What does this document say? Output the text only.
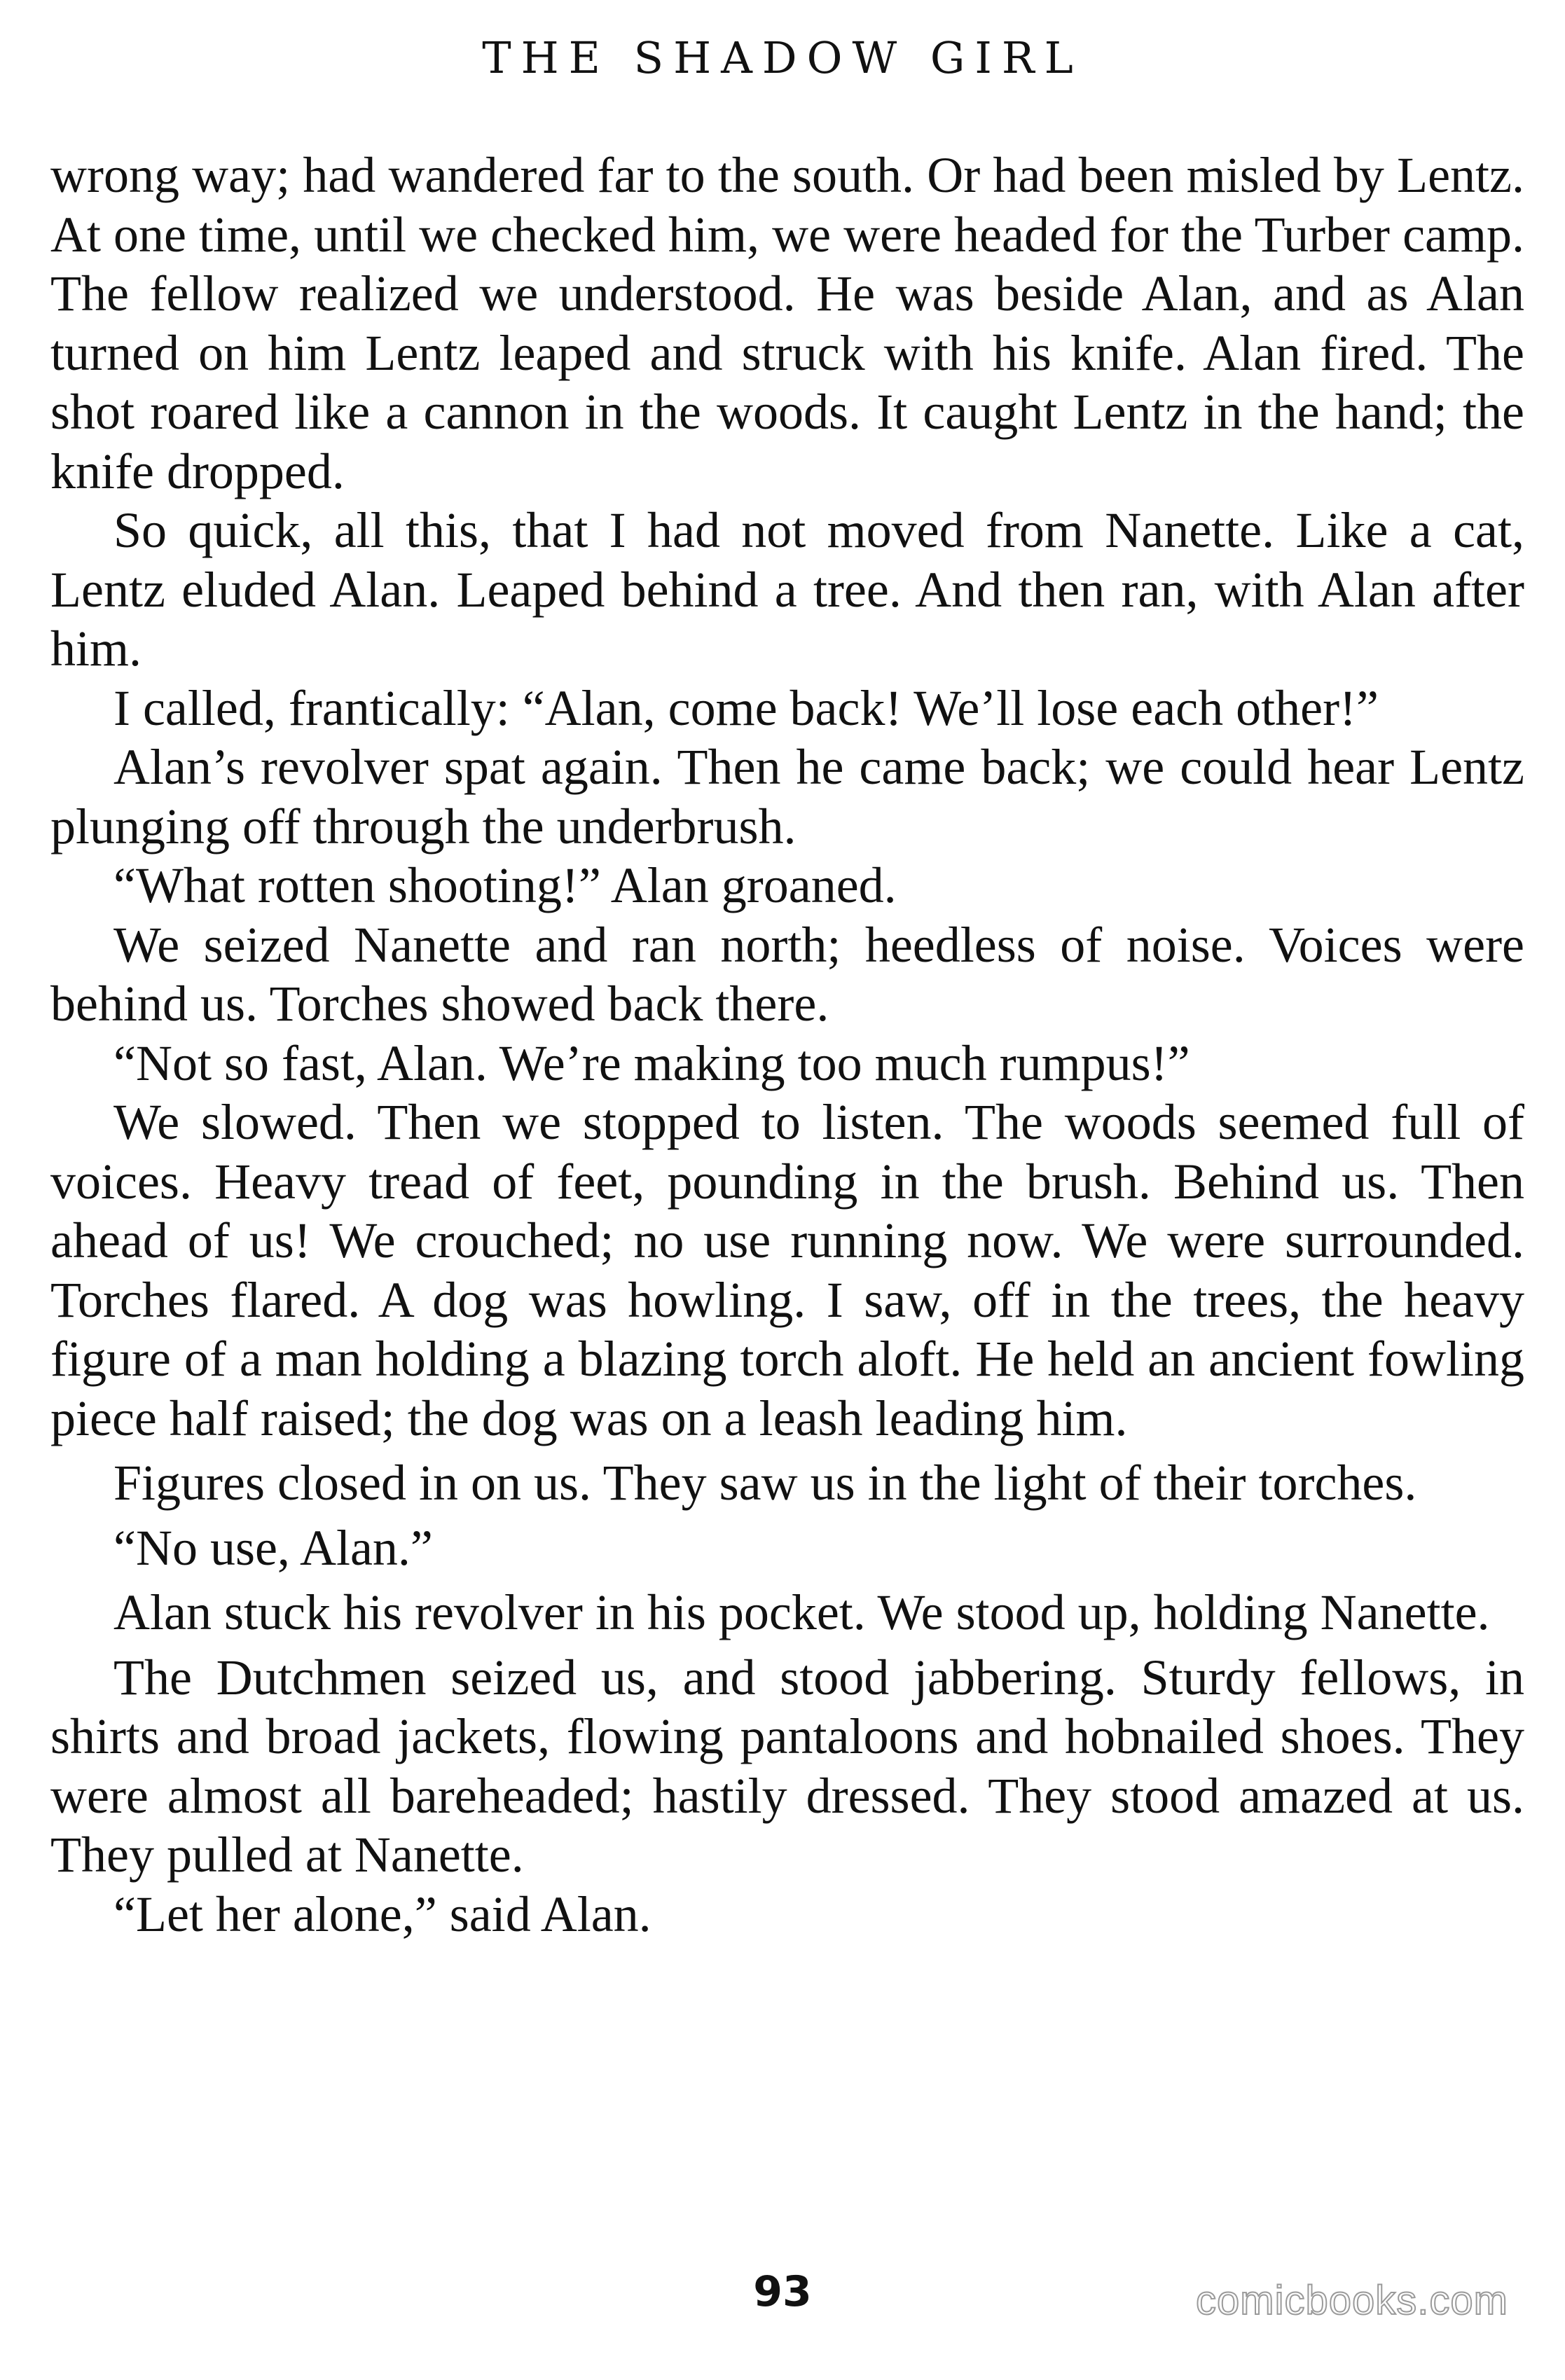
THE SHADOW GIRL

wrong way; had wandered far to the south. Or had been misled by Lentz. At one time, until we checked him, we were headed for the Turber camp. The fellow realized we understood. He was beside Alan, and as Alan turned on him Lentz leaped and struck with his knife. Alan fired. The shot roared like a cannon in the woods. It caught Lentz in the hand; the knife dropped.

So quick, all this, that I had not moved from Nanette. Like a cat, Lentz eluded Alan. Leaped behind a tree. And then ran, with Alan after him.

I called, frantically: “Alan, come back! We’ll lose each other!”

Alan’s revolver spat again. Then he came back; we could hear Lentz plunging off through the underbrush.

“What rotten shooting!” Alan groaned.

We seized Nanette and ran north; heedless of noise. Voices were behind us. Torches showed back there.

“Not so fast, Alan. We’re making too much rumpus!”

We slowed. Then we stopped to listen. The woods seemed full of voices. Heavy tread of feet, pounding in the brush. Behind us. Then ahead of us! We crouched; no use running now. We were surrounded. Torches flared. A dog was howling. I saw, off in the trees, the heavy figure of a man holding a blazing torch aloft. He held an ancient fowling piece half raised; the dog was on a leash leading him.

Figures closed in on us. They saw us in the light of their torches.

“No use, Alan.”

Alan stuck his revolver in his pocket. We stood up, holding Nanette.

The Dutchmen seized us, and stood jabbering. Sturdy fellows, in shirts and broad jackets, flowing pantaloons and hobnailed shoes. They were almost all bareheaded; hastily dressed. They stood amazed at us. They pulled at Nanette.

“Let her alone,” said Alan.

93	comicbooks.com
